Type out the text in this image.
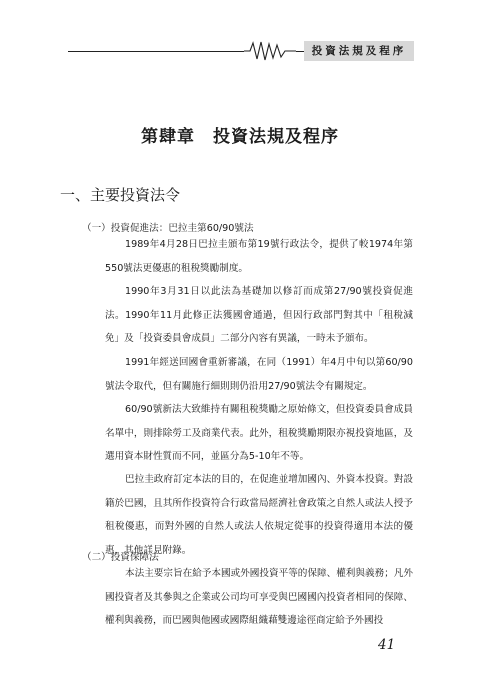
投資法規及程序
第肆章　投資法規及程序
一、主要投資法令
（一）投資促進法：巴拉圭第60/90號法
1989年4月28日巴拉圭頒布第19號行政法令，提供了較1974年第550號法更優惠的租稅獎勵制度。
1990年3月31日以此法為基礎加以修訂而成第27/90號投資促進法。1990年11月此修正法獲國會通過，但因行政部門對其中「租稅減免」及「投資委員會成員」二部分內容有異議，一時未予頒布。
1991年經送回國會重新審議，在同（1991）年4月中旬以第60/90號法令取代，但有關施行細則則仍沿用27/90號法令有關規定。
60/90號新法大致維持有關租稅獎勵之原始條文，但投資委員會成員名單中，則排除勞工及商業代表。此外，租稅獎勵期限亦視投資地區，及選用資本財性質而不同，並區分為5-10年不等。
巴拉圭政府訂定本法的目的，在促進並增加國內、外資本投資。對設籍於巴國，且其所作投資符合行政當局經濟社會政策之自然人或法人授予租稅優惠，而對外國的自然人或法人依規定從事的投資得適用本法的優惠，其他詳見附錄。
（二）投資保障法
本法主要宗旨在給予本國或外國投資平等的保障、權利與義務；凡外國投資者及其參與之企業或公司均可享受與巴國國內投資者相同的保障、權利與義務，而巴國與他國或國際組織藉雙邊途徑商定給予外國投
41
